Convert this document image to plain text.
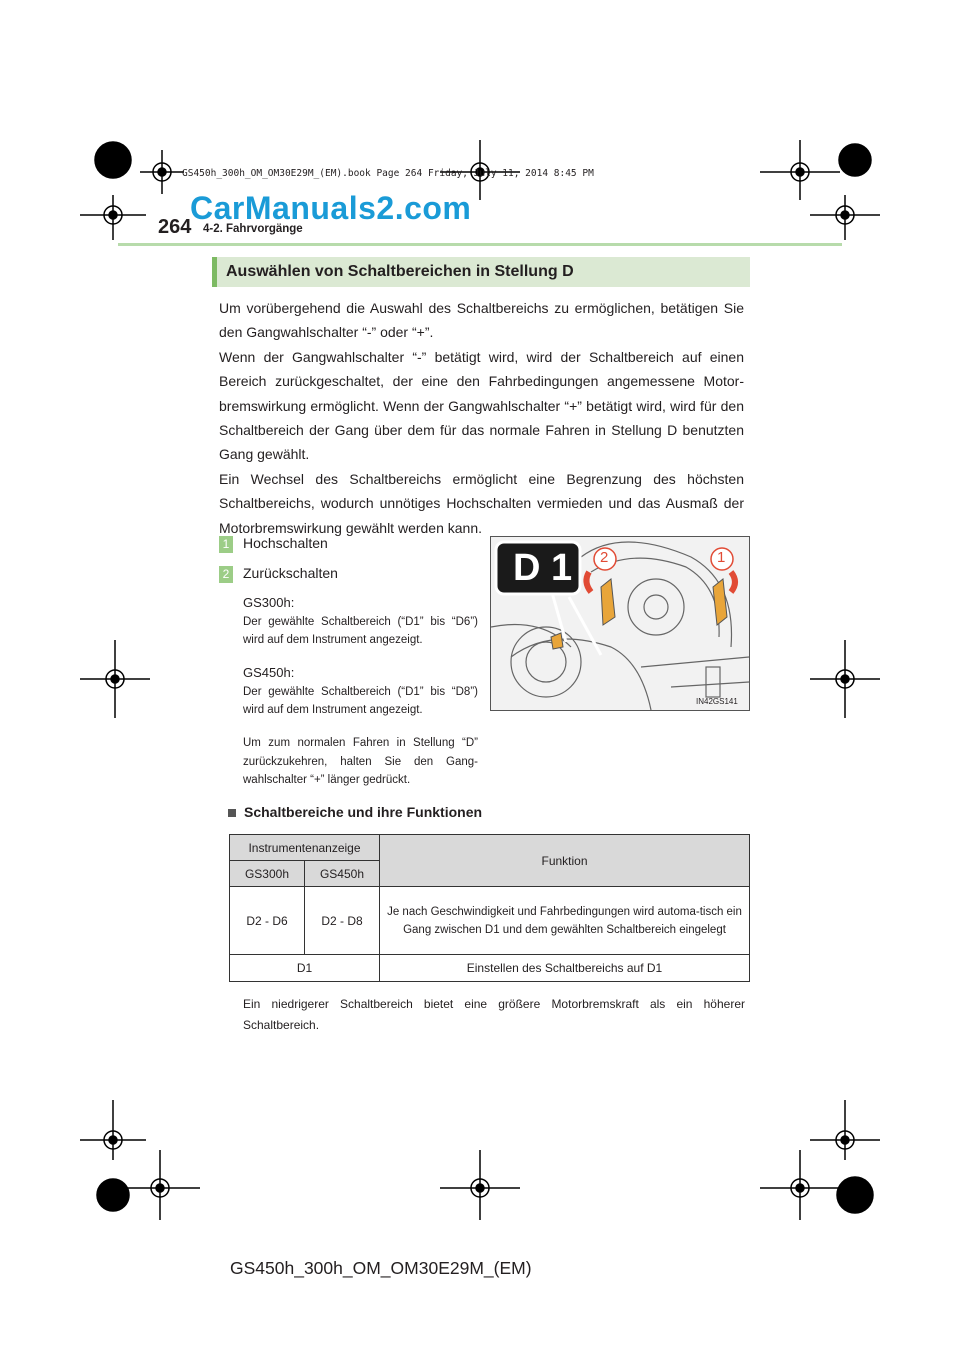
GS450h_300h_OM_OM30E29M_(EM).book Page 264 Friday, July 11, 2014 8:45 PM
CarManuals2.com
264 4-2. Fahrvorgänge
Auswählen von Schaltbereichen in Stellung D

Um vorübergehend die Auswahl des Schaltbereichs zu ermöglichen, betätigen Sie den Gangwahlschalter “-” oder “+”.

Wenn der Gangwahlschalter “-” betätigt wird, wird der Schaltbereich auf einen Bereich zurückgeschaltet, der eine den Fahrbedingungen angemessene Motor-bremswirkung ermöglicht. Wenn der Gangwahlschalter “+” betätigt wird, wird für den Schaltbereich der Gang über dem für das normale Fahren in Stellung D benutzten Gang gewählt.

Ein Wechsel des Schaltbereichs ermöglicht eine Begrenzung des höchsten Schaltbereichs, wodurch unnötiges Hochschalten vermieden und das Ausmaß der Motorbremswirkung gewählt werden kann.

1 Hochschalten
2 Zurückschalten
GS300h:
Der gewählte Schaltbereich (“D1” bis “D6”) wird auf dem Instrument angezeigt.
GS450h:
Der gewählte Schaltbereich (“D1” bis “D8”) wird auf dem Instrument angezeigt.
Um zum normalen Fahren in Stellung “D” zurückzukehren, halten Sie den Gang-wahlschalter “+” länger gedrückt.
D 1 2	1
IN42GS141
Schaltbereiche und ihre Funktionen
Instrumentenanzeige		Funktion
GS300h	GS450h	
D2 - D6	D2 - D8	Je nach Geschwindigkeit und Fahrbedingungen wird automa-tisch ein Gang zwischen D1 und dem gewählten Schaltbereich eingelegt
D1		Einstellen des Schaltbereichs auf D1
Ein niedrigerer Schaltbereich bietet eine größere Motorbremskraft als ein höherer Schaltbereich.
GS450h_300h_OM_OM30E29M_(EM)
